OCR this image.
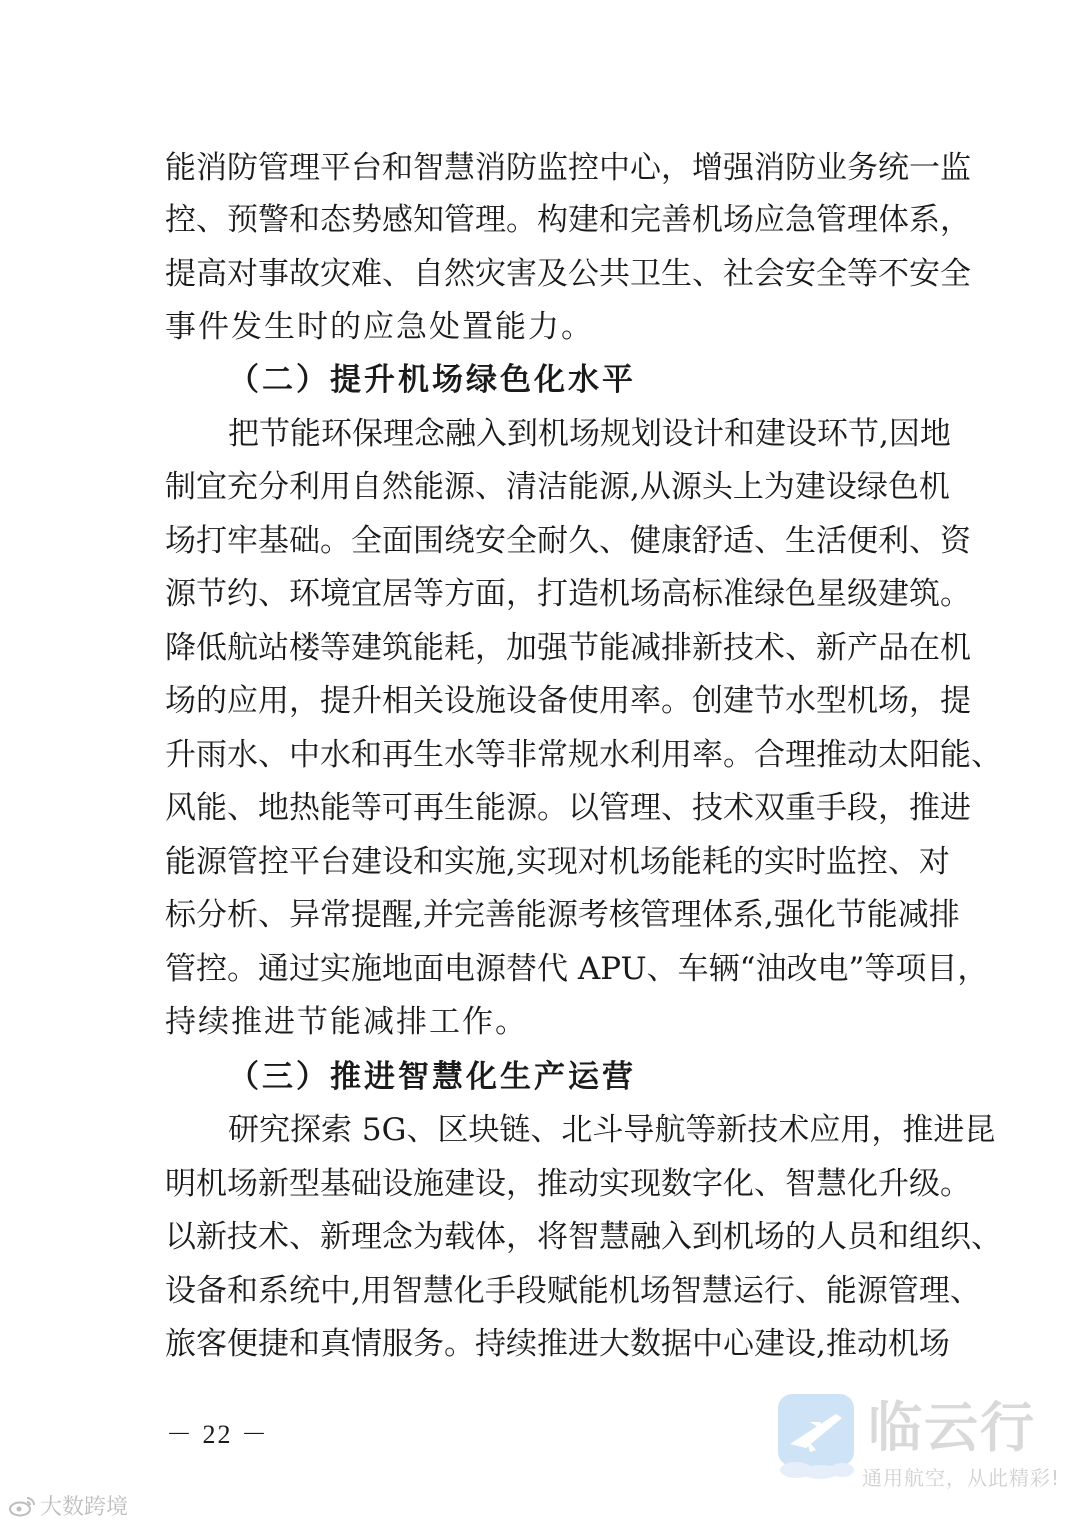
能消防管理平台和智慧消防监控中心，增强消防业务统一监
控、预警和态势感知管理。构建和完善机场应急管理体系，
提高对事故灾难、自然灾害及公共卫生、社会安全等不安全
事件发生时的应急处置能力。
（二）提升机场绿色化水平
把节能环保理念融入到机场规划设计和建设环节,因地
制宜充分利用自然能源、清洁能源,从源头上为建设绿色机
场打牢基础。全面围绕安全耐久、健康舒适、生活便利、资
源节约、环境宜居等方面，打造机场高标准绿色星级建筑。
降低航站楼等建筑能耗，加强节能减排新技术、新产品在机
场的应用，提升相关设施设备使用率。创建节水型机场，提
升雨水、中水和再生水等非常规水利用率。合理推动太阳能、
风能、地热能等可再生能源。以管理、技术双重手段，推进
能源管控平台建设和实施,实现对机场能耗的实时监控、对
标分析、异常提醒,并完善能源考核管理体系,强化节能减排
管控。通过实施地面电源替代 APU、车辆“油改电”等项目，
持续推进节能减排工作。
（三）推进智慧化生产运营
研究探索 5G、区块链、北斗导航等新技术应用，推进昆
明机场新型基础设施建设，推动实现数字化、智慧化升级。
以新技术、新理念为载体，将智慧融入到机场的人员和组织、
设备和系统中,用智慧化手段赋能机场智慧运行、能源管理、
旅客便捷和真情服务。持续推进大数据中心建设,推动机场
－ 22 －
大数跨境
临云行
通用航空，从此精彩!
